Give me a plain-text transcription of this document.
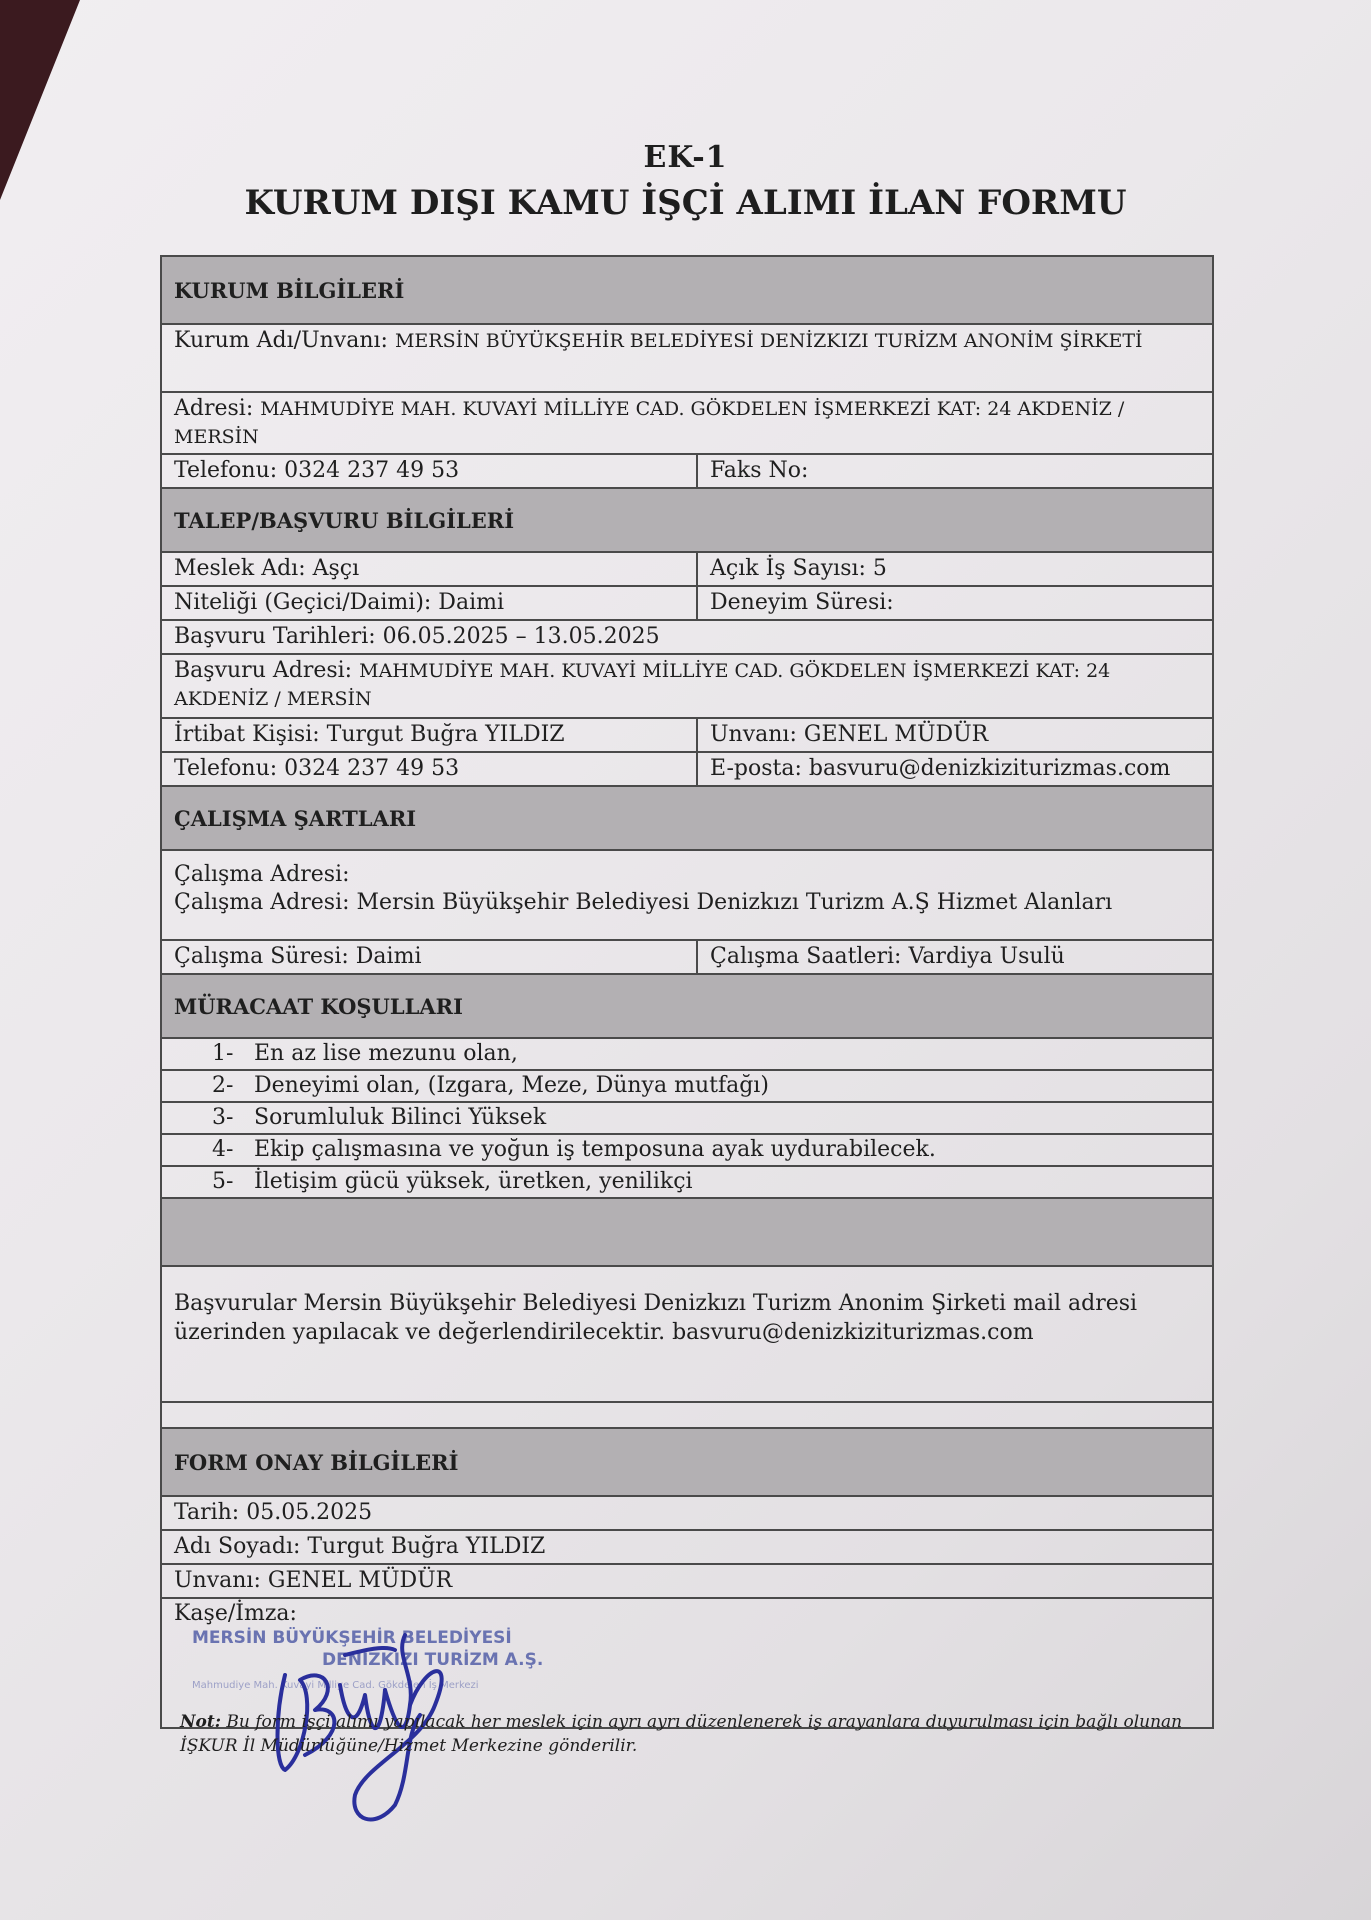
EK-1
KURUM DIŞI KAMU İŞÇİ ALIMI İLAN FORMU
KURUM BİLGİLERİ
Kurum Adı/Unvanı: MERSİN BÜYÜKŞEHİR BELEDİYESİ DENİZKIZI TURİZM ANONİM ŞİRKETİ
Adresi: MAHMUDİYE MAH. KUVAYİ MİLLİYE CAD. GÖKDELEN İŞMERKEZİ KAT: 24 AKDENİZ / MERSİN
Telefonu: 0324 237 49 53	Faks No:
TALEP/BAŞVURU BİLGİLERİ
Meslek Adı: Aşçı	Açık İş Sayısı: 5
Niteliği (Geçici/Daimi): Daimi	Deneyim Süresi:
Başvuru Tarihleri: 06.05.2025 – 13.05.2025
Başvuru Adresi: MAHMUDİYE MAH. KUVAYİ MİLLİYE CAD. GÖKDELEN İŞMERKEZİ KAT: 24 AKDENİZ / MERSİN
İrtibat Kişisi: Turgut Buğra YILDIZ	Unvanı: GENEL MÜDÜR
Telefonu: 0324 237 49 53	E-posta: basvuru@denizkiziturizmas.com
ÇALIŞMA ŞARTLARI
Çalışma Adresi:
Çalışma Adresi: Mersin Büyükşehir Belediyesi Denizkızı Turizm A.Ş Hizmet Alanları
Çalışma Süresi: Daimi	Çalışma Saatleri: Vardiya Usulü
MÜRACAAT KOŞULLARI
1- En az lise mezunu olan,
2- Deneyimi olan, (Izgara, Meze, Dünya mutfağı)
3- Sorumluluk Bilinci Yüksek
4- Ekip çalışmasına ve yoğun iş temposuna ayak uydurabilecek.
5- İletişim gücü yüksek, üretken, yenilikçi
Başvurular Mersin Büyükşehir Belediyesi Denizkızı Turizm Anonim Şirketi mail adresi üzerinden yapılacak ve değerlendirilecektir. basvuru@denizkiziturizmas.com
FORM ONAY BİLGİLERİ
Tarih: 05.05.2025
Adı Soyadı: Turgut Buğra YILDIZ
Unvanı: GENEL MÜDÜR
Kaşe/İmza:
MERSİN BÜYÜKŞEHİR BELEDİYESİ
DENİZKIZI TURİZM A.Ş.
Mahmudiye Mah. Kuvayi Milliye Cad. Gökdelen İş Merkezi
Not: Bu form işçi alımı yapılacak her meslek için ayrı ayrı düzenlenerek iş arayanlara duyurulması için bağlı olunan İŞKUR İl Müdürlüğüne/Hizmet Merkezine gönderilir.
